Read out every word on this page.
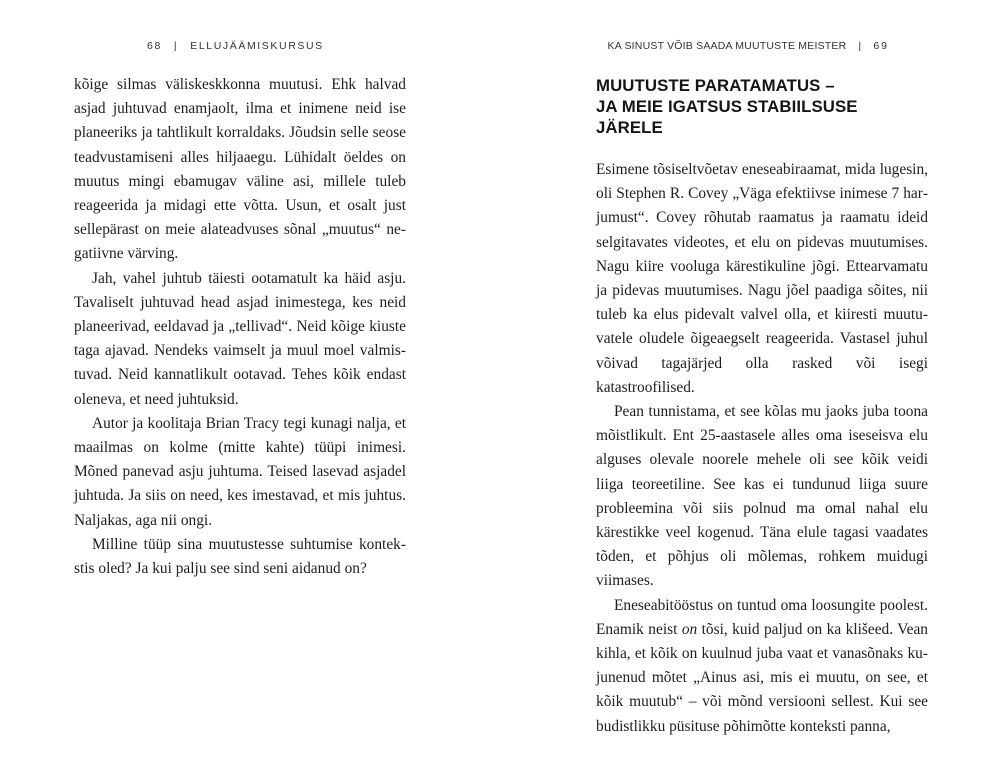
68 | ELLUJÄÄMISKURSUS

kõige silmas väliskeskkonna muutusi. Ehk halvad asjad juhtuvad enamjaolt, ilma et inimene neid ise planeeriks ja tahtlikult korraldaks. Jõudsin selle seose teadvustamiseni alles hiljaaegu. Lühidalt öeldes on muutus mingi ebamugav väline asi, millele tuleb reageerida ja midagi ette võtta. Usun, et osalt just sellepärast on meie alateadvuses sõnal „muutus“ negatiivne värving.

Jah, vahel juhtub täiesti ootamatult ka häid asju. Tavaliselt juhtuvad head asjad inimestega, kes neid planeerivad, eeldavad ja „tellivad“. Neid kõige kiuste taga ajavad. Nendeks vaimselt ja muul moel valmistuvad. Neid kannatlikult ootavad. Tehes kõik endast oleneva, et need juhtuksid.

Autor ja koolitaja Brian Tracy tegi kunagi nalja, et maailmas on kolme (mitte kahte) tüüpi inimesi. Mõned panevad asju juhtuma. Teised lasevad asjadel juhtuda. Ja siis on need, kes imestavad, et mis juhtus. Naljakas, aga nii ongi.

Milline tüüp sina muutustesse suhtumise kontekstis oled? Ja kui palju see sind seni aidanud on?

KA SINUST VÕIB SAADA MUUTUSTE MEISTER | 69
MUUTUSTE PARATAMATUS –
JA MEIE IGATSUS STABIILSUSE
JÄRELE

Esimene tõsiseltvõetav eneseabiraamat, mida lugesin, oli Stephen R. Covey „Väga efektiivse inimese 7 harjumust“. Covey rõhutab raamatus ja raamatu ideid selgitavates videotes, et elu on pidevas muutumises. Nagu kiire vooluga kärestikuline jõgi. Ettearvamatu ja pidevas muutumises. Nagu jõel paadiga sõites, nii tuleb ka elus pidevalt valvel olla, et kiiresti muutuvatele oludele õigeaegselt reageerida. Vastasel juhul võivad tagajärjed olla rasked või isegi katastroofilised.

Pean tunnistama, et see kõlas mu jaoks juba toona mõistlikult. Ent 25-aastasele alles oma iseseisva elu alguses olevale noorele mehele oli see kõik veidi liiga teoreetiline. See kas ei tundunud liiga suure probleemina või siis polnud ma omal nahal elu kärestikke veel kogenud. Täna elule tagasi vaadates tõden, et põhjus oli mõlemas, rohkem muidugi viimases.

Eneseabitööstus on tuntud oma loosungite poolest. Enamik neist on tõsi, kuid paljud on ka klišeed. Vean kihla, et kõik on kuulnud juba vaat et vanasõnaks kujunenud mõtet „Ainus asi, mis ei muutu, on see, et kõik muutub“ – või mõnd versiooni sellest. Kui see budistlikku püsituse põhimõtte konteksti panna,
